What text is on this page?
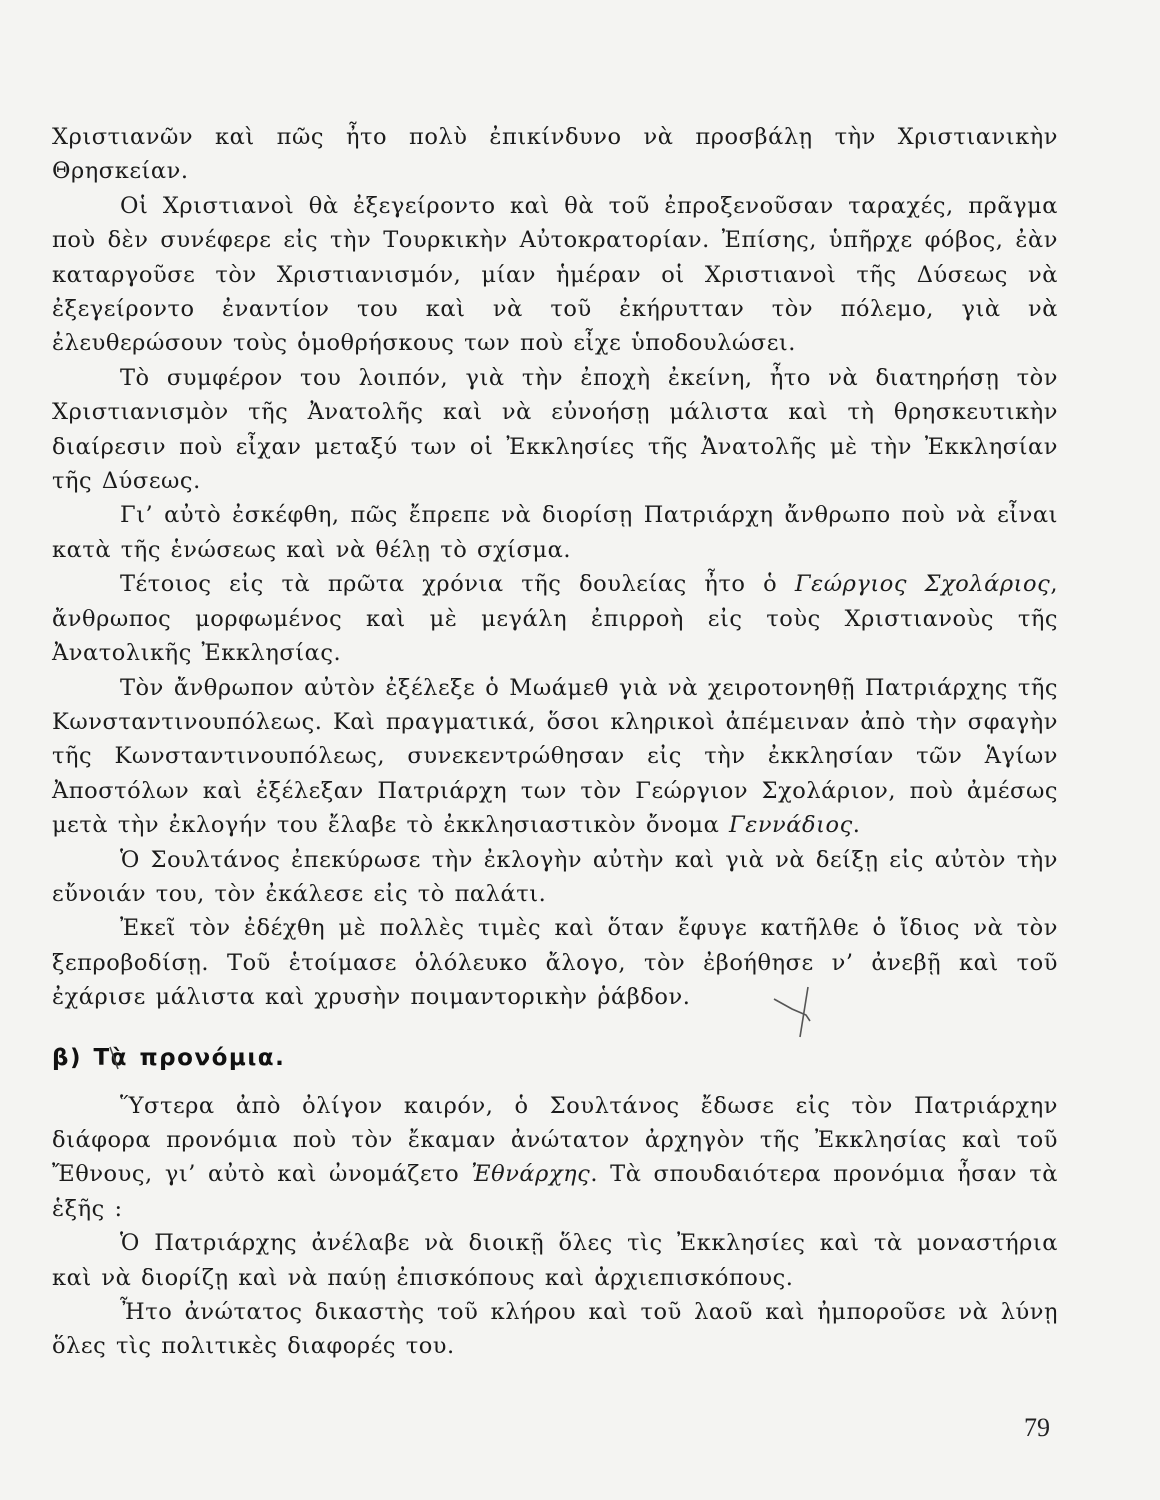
Χριστιανῶν καὶ πῶς ἦτο πολὺ ἐπικίνδυνο νὰ προσβάλῃ τὴν Χριστιανικὴν Θρησκείαν.

Οἱ Χριστιανοὶ θὰ ἐξεγείροντο καὶ θὰ τοῦ ἐπροξενοῦσαν ταραχές, πρᾶγμα ποὺ δὲν συνέφερε εἰς τὴν Τουρκικὴν Αὐτοκρατορίαν. Ἐπίσης, ὑπῆρχε φόβος, ἐὰν καταργοῦσε τὸν Χριστιανισμόν, μίαν ἡμέραν οἱ Χριστιανοὶ τῆς Δύσεως νὰ ἐξεγείροντο ἐναντίον του καὶ νὰ τοῦ ἐκήρυτταν τὸν πόλεμο, γιὰ νὰ ἐλευθερώσουν τοὺς ὁμοθρήσκους των ποὺ εἶχε ὑποδουλώσει.

Τὸ συμφέρον του λοιπόν, γιὰ τὴν ἐποχὴ ἐκείνη, ἦτο νὰ διατηρήσῃ τὸν Χριστιανισμὸν τῆς Ἀνατολῆς καὶ νὰ εὐνοήσῃ μάλιστα καὶ τὴ θρησκευτικὴν διαίρεσιν ποὺ εἶχαν μεταξύ των οἱ Ἐκκλησίες τῆς Ἀνατολῆς μὲ τὴν Ἐκκλησίαν τῆς Δύσεως.

Γι’ αὐτὸ ἐσκέφθη, πῶς ἔπρεπε νὰ διορίσῃ Πατριάρχη ἄνθρωπο ποὺ νὰ εἶναι κατὰ τῆς ἑνώσεως καὶ νὰ θέλῃ τὸ σχίσμα.

Τέτοιος εἰς τὰ πρῶτα χρόνια τῆς δουλείας ἦτο ὁ Γεώργιος Σχολάριος, ἄνθρωπος μορφωμένος καὶ μὲ μεγάλη ἐπιρροὴ εἰς τοὺς Χριστιανοὺς τῆς Ἀνατολικῆς Ἐκκλησίας.

Τὸν ἄνθρωπον αὐτὸν ἐξέλεξε ὁ Μωάμεθ γιὰ νὰ χειροτονηθῇ Πατριάρχης τῆς Κωνσταντινουπόλεως. Καὶ πραγματικά, ὅσοι κληρικοὶ ἀπέμειναν ἀπὸ τὴν σφαγὴν τῆς Κωνσταντινουπόλεως, συνεκεντρώθησαν εἰς τὴν ἐκκλησίαν τῶν Ἁγίων Ἀποστόλων καὶ ἐξέλεξαν Πατριάρχη των τὸν Γεώργιον Σχολάριον, ποὺ ἀμέσως μετὰ τὴν ἐκλογήν του ἔλαβε τὸ ἐκκλησιαστικὸν ὄνομα Γεννάδιος.

Ὁ Σουλτάνος ἐπεκύρωσε τὴν ἐκλογὴν αὐτὴν καὶ γιὰ νὰ δείξῃ εἰς αὐτὸν τὴν εὔνοιάν του, τὸν ἐκάλεσε εἰς τὸ παλάτι.

Ἐκεῖ τὸν ἐδέχθη μὲ πολλὲς τιμὲς καὶ ὅταν ἔφυγε κατῆλθε ὁ ἴδιος νὰ τὸν ξεπροβοδίσῃ. Τοῦ ἑτοίμασε ὁλόλευκο ἄλογο, τὸν ἐβοήθησε ν’ ἀνεβῇ καὶ τοῦ ἐχάρισε μάλιστα καὶ χρυσὴν ποιμαντορικὴν ῥάβδον.

β) Τὰ προνόμια.

Ὕστερα ἀπὸ ὀλίγον καιρόν, ὁ Σουλτάνος ἔδωσε εἰς τὸν Πατριάρχην διάφορα προνόμια ποὺ τὸν ἔκαμαν ἀνώτατον ἀρχηγὸν τῆς Ἐκκλησίας καὶ τοῦ Ἔθνους, γι’ αὐτὸ καὶ ὠνομάζετο Ἐθνάρχης. Τὰ σπουδαιότερα προνόμια ἦσαν τὰ ἑξῆς :

Ὁ Πατριάρχης ἀνέλαβε νὰ διοικῇ ὅλες τὶς Ἐκκλησίες καὶ τὰ μοναστήρια καὶ νὰ διορίζῃ καὶ νὰ παύῃ ἐπισκόπους καὶ ἀρχιεπισκόπους.

Ἦτο ἀνώτατος δικαστὴς τοῦ κλήρου καὶ τοῦ λαοῦ καὶ ἠμποροῦσε νὰ λύνῃ ὅλες τὶς πολιτικὲς διαφορές του.

79
